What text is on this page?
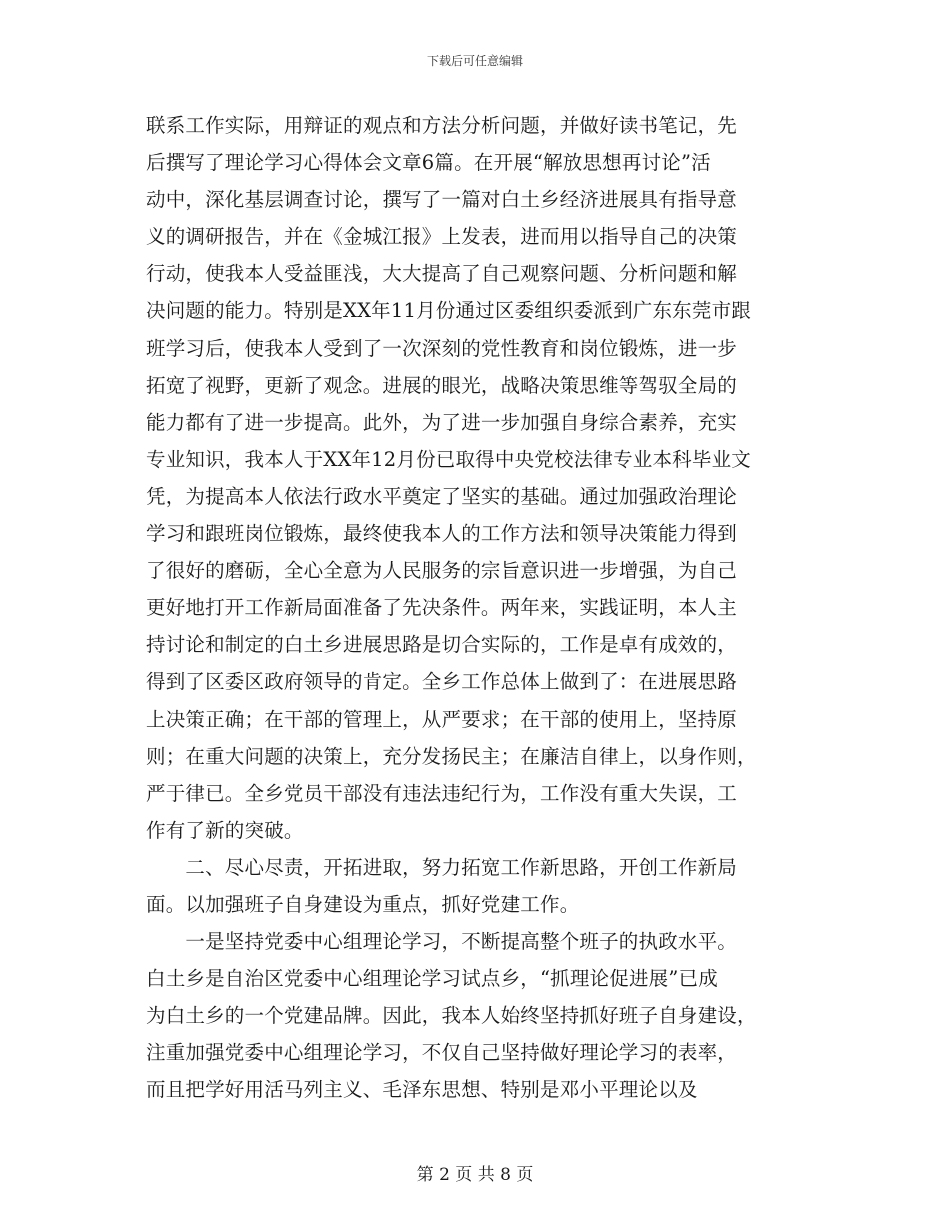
下载后可任意编辑
联系工作实际，用辩证的观点和方法分析问题，并做好读书笔记，先
后撰写了理论学习心得体会文章6篇。在开展“解放思想再讨论”活
动中，深化基层调查讨论，撰写了一篇对白土乡经济进展具有指导意
义的调研报告，并在《金城江报》上发表，进而用以指导自己的决策
行动，使我本人受益匪浅，大大提高了自己观察问题、分析问题和解
决问题的能力。特别是XX年11月份通过区委组织委派到广东东莞市跟
班学习后，使我本人受到了一次深刻的党性教育和岗位锻炼，进一步
拓宽了视野，更新了观念。进展的眼光，战略决策思维等驾驭全局的
能力都有了进一步提高。此外，为了进一步加强自身综合素养，充实
专业知识，我本人于XX年12月份已取得中央党校法律专业本科毕业文
凭，为提高本人依法行政水平奠定了坚实的基础。通过加强政治理论
学习和跟班岗位锻炼，最终使我本人的工作方法和领导决策能力得到
了很好的磨砺，全心全意为人民服务的宗旨意识进一步增强，为自己
更好地打开工作新局面准备了先决条件。两年来，实践证明，本人主
持讨论和制定的白土乡进展思路是切合实际的，工作是卓有成效的，
得到了区委区政府领导的肯定。全乡工作总体上做到了：在进展思路
上决策正确；在干部的管理上，从严要求；在干部的使用上，坚持原
则；在重大问题的决策上，充分发扬民主；在廉洁自律上，以身作则，
严于律已。全乡党员干部没有违法违纪行为，工作没有重大失误，工
作有了新的突破。
　　二、尽心尽责，开拓进取，努力拓宽工作新思路，开创工作新局
面。以加强班子自身建设为重点，抓好党建工作。
　　一是坚持党委中心组理论学习，不断提高整个班子的执政水平。
白土乡是自治区党委中心组理论学习试点乡，“抓理论促进展”已成
为白土乡的一个党建品牌。因此，我本人始终坚持抓好班子自身建设，
注重加强党委中心组理论学习，不仅自己坚持做好理论学习的表率，
而且把学好用活马列主义、毛泽东思想、特别是邓小平理论以及
第 2 页 共 8 页
